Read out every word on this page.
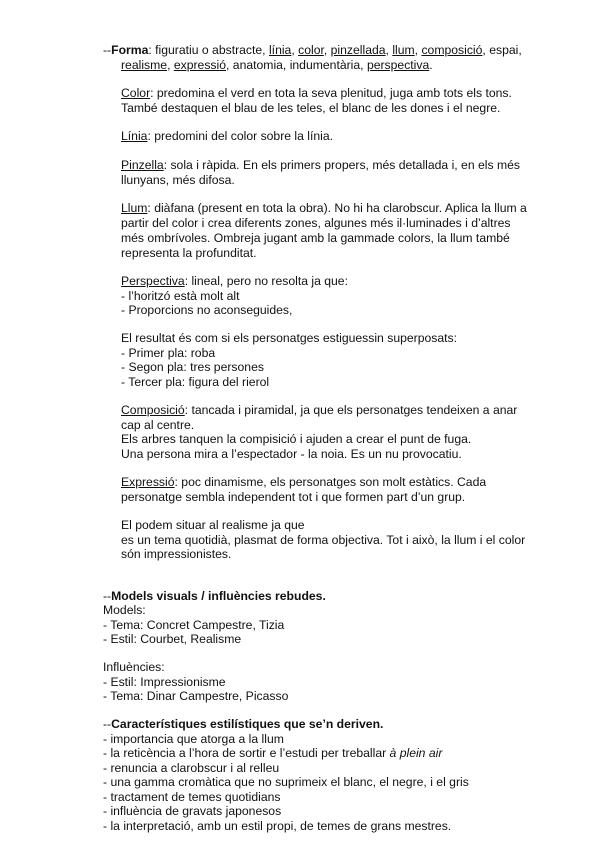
--Forma: figuratiu o abstracte, línia, color, pinzellada, llum, composició, espai,
realisme, expressió, anatomia, indumentària, perspectiva.
Color: predomina el verd en tota la seva plenitud, juga amb tots els tons.
També destaquen el blau de les teles, el blanc de les dones i el negre.
Línia: predomini del color sobre la línia.
Pinzella: sola i ràpida. En els primers propers, més detallada i, en els més
llunyans, més difosa.
Llum: diàfana (present en tota la obra). No hi ha clarobscur. Aplica la llum a
partir del color i crea diferents zones, algunes més il·luminades i d’altres
més ombrívoles. Ombreja jugant amb la gammade colors, la llum també
representa la profunditat.
Perspectiva: lineal, pero no resolta ja que:
- l’horitzó està molt alt
- Proporcions no aconseguides,
El resultat és com si els personatges estiguessin superposats:
- Primer pla: roba
- Segon pla: tres persones
- Tercer pla: figura del rierol
Composició: tancada i piramidal, ja que els personatges tendeixen a anar
cap al centre.
Els arbres tanquen la compisició i ajuden a crear el punt de fuga.
Una persona mira a l’espectador - la noia. Es un nu provocatiu.
Expressió: poc dinamisme, els personatges son molt estàtics. Cada
personatge sembla independent tot i que formen part d’un grup.
El podem situar al realisme ja que
es un tema quotidià, plasmat de forma objectiva. Tot i això, la llum i el color
són impressionistes.
--Models visuals / influències rebudes.
Models:
- Tema: Concret Campestre, Tizia
- Estil: Courbet, Realisme
Influències:
- Estil: Impressionisme
- Tema: Dinar Campestre, Picasso
--Característiques estilístiques que se’n deriven.
- importancia que atorga a la llum
- la reticència a l’hora de sortir e l’estudi per treballar à plein air
- renuncia a clarobscur i al relleu
- una gamma cromàtica que no suprimeix el blanc, el negre, i el gris
- tractament de temes quotidians
- influència de gravats japonesos
- la interpretació, amb un estil propi, de temes de grans mestres.
